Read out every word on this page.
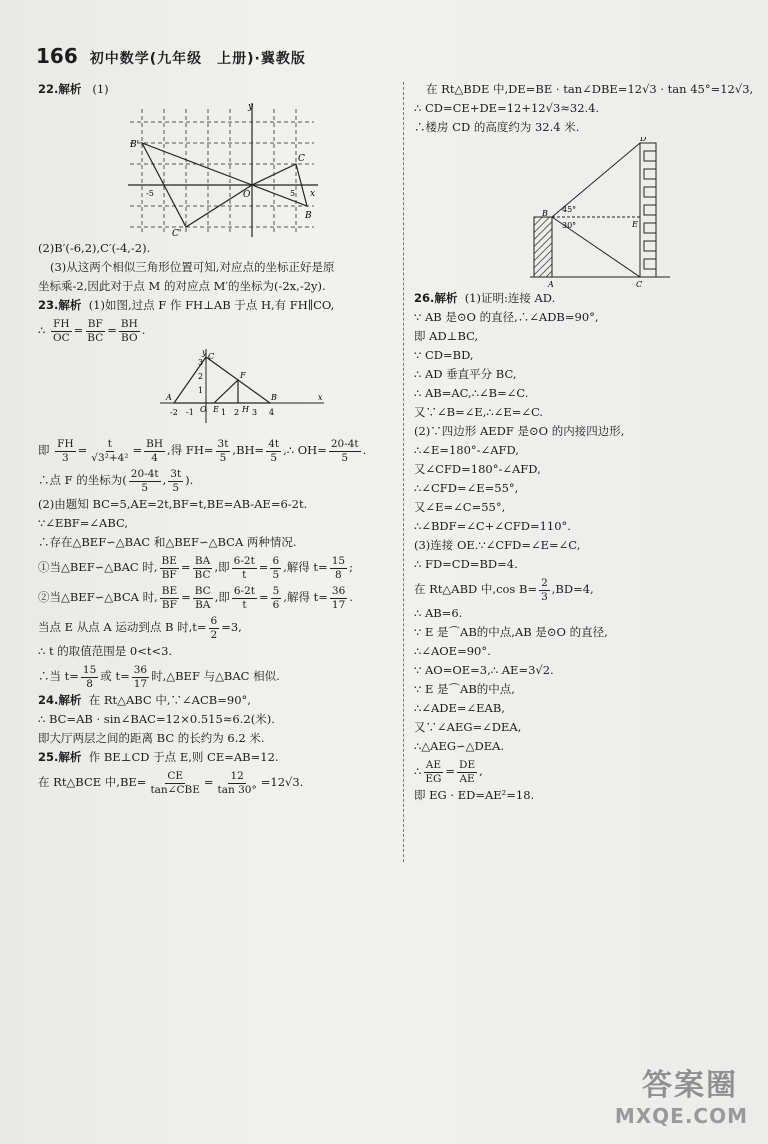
166 初中数学(九年级　上册)·冀教版
22.解析 (1)
y
x
O
B'
C'
C
B
-5	5
(2)B′(-6,2),C′(-4,-2).
(3)从这两个相似三角形位置可知,对应点的坐标正好是原
坐标乘-2,因此对于点 M 的对应点 M′的坐标为(-2x,-2y).
23.解析 (1)如图,过点 F 作 FH⊥AB 于点 H,有 FH∥CO,
∴ $\frac{FH}{OC} = \frac{BF}{BC} = \frac{BH}{BO}$ .
y C
F
A
O E	H
B	x
-2 -1	1 2 3 4
1
2
3
即 $\frac{FH}{3} = \frac{t}{\text{√3²+4²}} = \frac{BH}{4}$ ,得 $FH= \frac{3t}{5} ,BH= \frac{4t}{5}$ ,∴ $OH= \frac{20-4t}{5}$ .
∴点 F 的坐标为( $\frac{20-4t}{5}$ , $\frac{3t}{5}$ ).
(2)由题知 BC=5,AE=2t,BF=t,BE=AB-AE=6-2t.
∵∠EBF=∠ABC,
∴存在△BEF∽△BAC 和△BEF∽△BCA 两种情况.
①当△BEF∽△BAC 时, $\frac{BE}{BF} = \frac{BA}{BC}$ ,即 $\frac{6-2t}{t} = \frac{6}{5}$ ,解得 $t= \frac{15}{8}$ ;
②当△BEF∽△BCA 时, $\frac{BE}{BF} = \frac{BC}{BA}$ ,即 $\frac{6-2t}{t} = \frac{5}{6}$ ,解得 $t= \frac{36}{17}$ .
当点 E 从点 A 运动到点 B 时$,t= \frac{6}{2} =3$,
∴ t 的取值范围是 0<t<3.
∴当 $t= \frac{15}{8}$ 或 $t= \frac{36}{17}$ 时,△BEF 与△BAC 相似.
24.解析 在 Rt△ABC 中,∵∠ACB=90°,
∴ BC=AB · sin∠BAC=12×0.515≈6.2(米).
即大厅两层之间的距离 BC 的长约为 6.2 米.
25.解析 作 BE⊥CD 于点 E,则 CE=AB=12.
在 Rt△BCE 中$,BE= \frac{CE}{\text{tan∠CBE}} = \frac{12}{\tan 30^\circ} =12√3$.
在 Rt△BDE 中,DE=BE · tan∠DBE=12√3 · tan 45°=12√3,
∴ CD=CE+DE=12+12√3≈32.4.
∴楼房 CD 的高度约为 32.4 米.
D
B
E
A	C
45°
30°
26.解析 (1)证明:连接 AD.
∵ AB 是⊙O 的直径,∴∠ADB=90°,
即 AD⊥BC,
∵ CD=BD,
∴ AD 垂直平分 BC,
∴ AB=AC,∴∠B=∠C.
又∵∠B=∠E,∴∠E=∠C.
(2)∵四边形 AEDF 是⊙O 的内接四边形,
∴∠E=180°-∠AFD,
又∠CFD=180°-∠AFD,
∴∠CFD=∠E=55°,
又∠E=∠C=55°,
∴∠BDF=∠C+∠CFD=110°.
(3)连接 OE.∵∠CFD=∠E=∠C,
∴ FD=CD=BD=4.
在 Rt△ABD 中,cos $B= \frac{2}{3} ,BD=4$,
∴ AB=6.
∵ E 是⌒AB的中点,AB 是⊙O 的直径,
∴∠AOE=90°.
∵ AO=OE=3,∴ AE=3√2.
∵ E 是⌒AB的中点,
∴∠ADE=∠EAB,
又∵∠AEG=∠DEA,
∴△AEG∽△DEA.
∴ $\frac{AE}{EG} = \frac{DE}{AE}$ ,
即 EG · ED=AE²=18.
答案圈
MXQE.COM
